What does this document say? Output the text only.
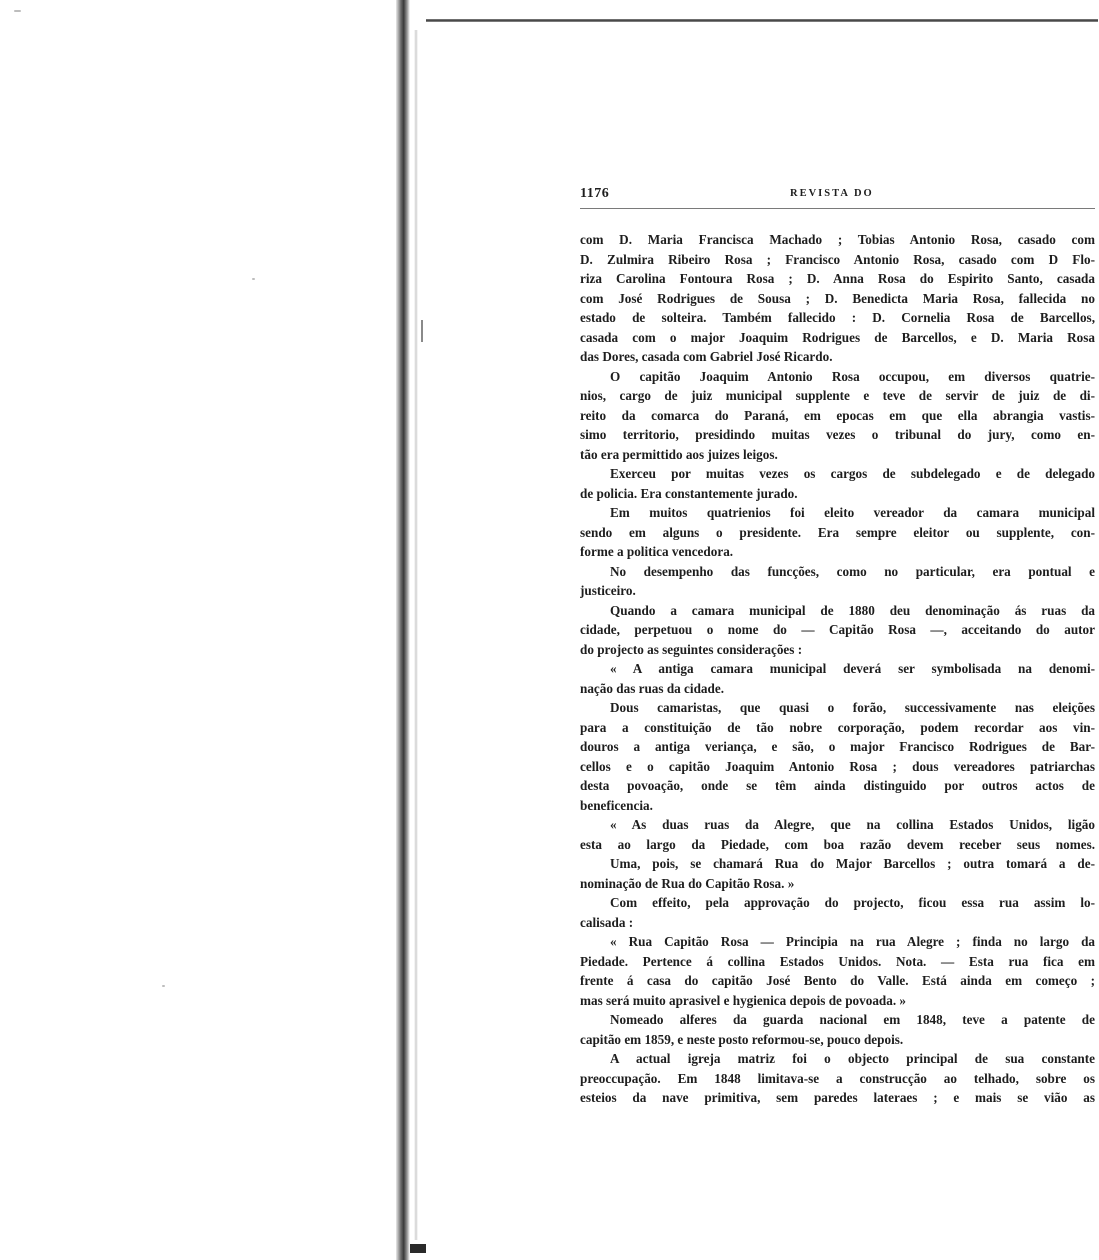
1176	REVISTA DO
com D. Maria Francisca Machado ; Tobias Antonio Rosa, casado com
D. Zulmira Ribeiro Rosa ; Francisco Antonio Rosa, casado com D Flo-
riza Carolina Fontoura Rosa ; D. Anna Rosa do Espirito Santo, casada
com José Rodrigues de Sousa ; D. Benedicta Maria Rosa, fallecida no
estado de solteira. Também fallecido : D. Cornelia Rosa de Barcellos,
casada com o major Joaquim Rodrigues de Barcellos, e D. Maria Rosa
das Dores, casada com Gabriel José Ricardo.
O capitão Joaquim Antonio Rosa occupou, em diversos quatrie-
nios, cargo de juiz municipal supplente e teve de servir de juiz de di-
reito da comarca do Paraná, em epocas em que ella abrangia vastis-
simo territorio, presidindo muitas vezes o tribunal do jury, como en-
tão era permittido aos juizes leigos.
Exerceu por muitas vezes os cargos de subdelegado e de delegado
de policia. Era constantemente jurado.
Em muitos quatrienios foi eleito vereador da camara municipal
sendo em alguns o presidente. Era sempre eleitor ou supplente, con-
forme a politica vencedora.
No desempenho das funcções, como no particular, era pontual e
justiceiro.
Quando a camara municipal de 1880 deu denominação ás ruas da
cidade, perpetuou o nome do — Capitão Rosa —, acceitando do autor
do projecto as seguintes considerações :
« A antiga camara municipal deverá ser symbolisada na denomi-
nação das ruas da cidade.
Dous camaristas, que quasi o forão, successivamente nas eleições
para a constituição de tão nobre corporação, podem recordar aos vin-
douros a antiga veriança, e são, o major Francisco Rodrigues de Bar-
cellos e o capitão Joaquim Antonio Rosa ; dous vereadores patriarchas
desta povoação, onde se têm ainda distinguido por outros actos de
beneficencia.
« As duas ruas da Alegre, que na collina Estados Unidos, ligão
esta ao largo da Piedade, com boa razão devem receber seus nomes.
Uma, pois, se chamará Rua do Major Barcellos ; outra tomará a de-
nominação de Rua do Capitão Rosa. »
Com effeito, pela approvação do projecto, ficou essa rua assim lo-
calisada :
« Rua Capitão Rosa — Principia na rua Alegre ; finda no largo da
Piedade. Pertence á collina Estados Unidos. Nota. — Esta rua fica em
frente á casa do capitão José Bento do Valle. Está ainda em começo ;
mas será muito aprasivel e hygienica depois de povoada. »
Nomeado alferes da guarda nacional em 1848, teve a patente de
capitão em 1859, e neste posto reformou-se, pouco depois.
A actual igreja matriz foi o objecto principal de sua constante
preoccupação. Em 1848 limitava-se a construcção ao telhado, sobre os
esteios da nave primitiva, sem paredes lateraes ; e mais se vião as
